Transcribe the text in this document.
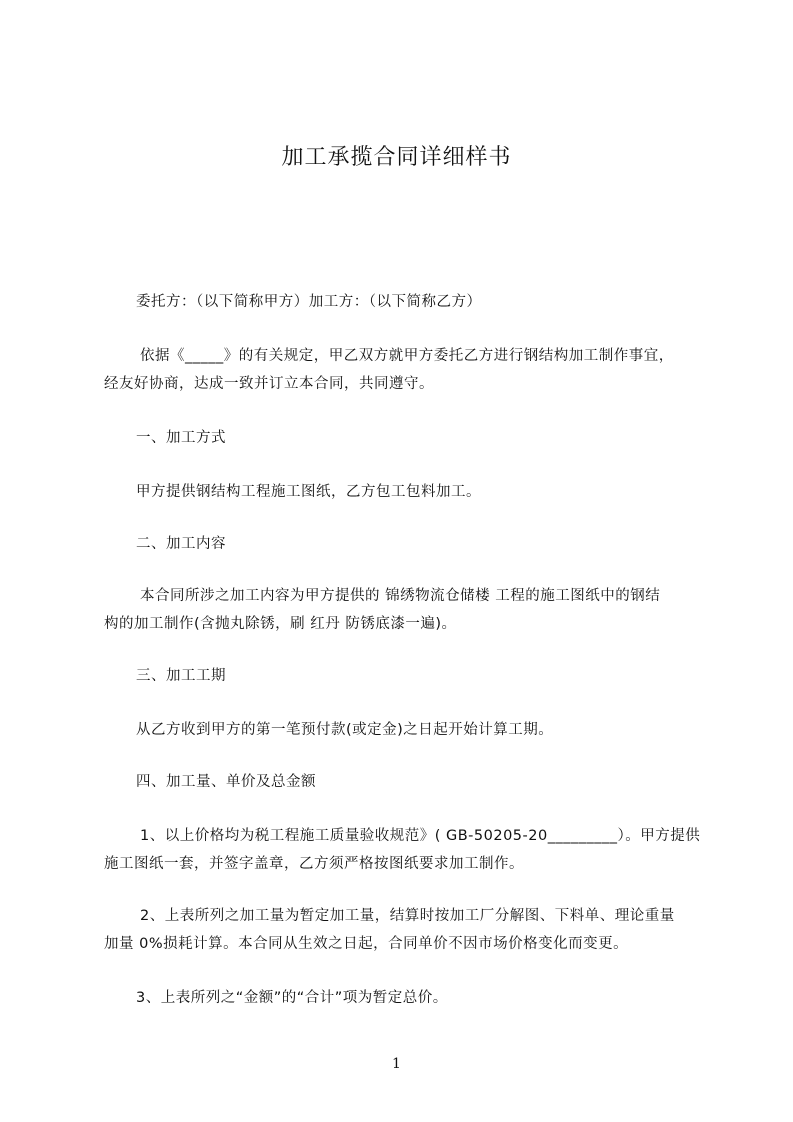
加工承揽合同详细样书
委托方：（以下简称甲方）加工方：（以下简称乙方）
依据《_____》的有关规定，甲乙双方就甲方委托乙方进行钢结构加工制作事宜，
经友好协商，达成一致并订立本合同，共同遵守。
一、加工方式
甲方提供钢结构工程施工图纸，乙方包工包料加工。
二、加工内容
本合同所涉之加工内容为甲方提供的 锦绣物流仓储楼 工程的施工图纸中的钢结
构的加工制作(含抛丸除锈，刷 红丹 防锈底漆一遍)。
三、加工工期
从乙方收到甲方的第一笔预付款(或定金)之日起开始计算工期。
四、加工量、单价及总金额
1、以上价格均为税工程施工质量验收规范》( GB-50205-20_________）。甲方提供
施工图纸一套，并签字盖章，乙方须严格按图纸要求加工制作。
2、上表所列之加工量为暂定加工量，结算时按加工厂分解图、下料单、理论重量
加量 0%损耗计算。本合同从生效之日起，合同单价不因市场价格变化而变更。
3、上表所列之“金额”的“合计”项为暂定总价。
1
